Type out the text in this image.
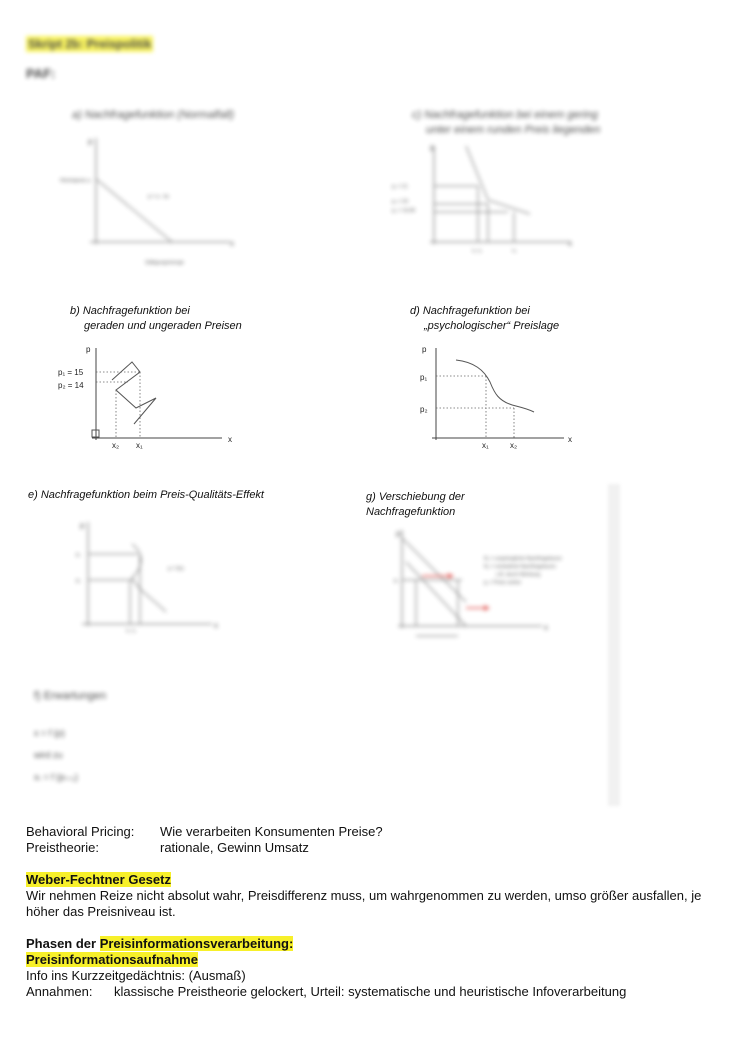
Skript 2b: Preispolitik
PAF:
a) Nachfragefunktion (Normalfall)
p
x
Höchstpreis a
Sättigungsmenge
p = a - bx
c) Nachfragefunktion bei einem gering
unter einem runden Preis liegenden
p
x
p₁ = 21
p₂ = 20
p₃ = 19,99
x₁ x₂	x₃
b) Nachfragefunktion bei
geraden und ungeraden Preisen
p
x
p₁ = 15
p₂ = 14
x₂ x₁
d) Nachfragefunktion bei
„psychologischer“ Preislage
p
x
p₁
p₂
x₁	x₂
e) Nachfragefunktion beim Preis-Qualitäts-Effekt
p
x
p₁
p₂
x₁ x₂
p = f(x)
g) Verschiebung der
Nachfragefunktion
p
x
p₁
N₁ = ursprüngliche Nachfragekurve
N₂ = veränderte Nachfragekurve
z.B. durch Werbung
p₁ = Preis vorher
f) Erwartungen
x = f (p)
wird zu
xₜ = f (pₜ₊₁)
Behavioral Pricing: Wie verarbeiten Konsumenten Preise?
Preistheorie:	rationale, Gewinn Umsatz
Weber-Fechtner Gesetz
Wir nehmen Reize nicht absolut wahr, Preisdifferenz muss, um wahrgenommen zu werden, umso größer ausfallen, je höher das Preisniveau ist.
Phasen der Preisinformationsverarbeitung:
Preisinformationsaufnahme
Info ins Kurzzeitgedächtnis: (Ausmaß)
Annahmen: klassische Preistheorie gelockert, Urteil: systematische und heuristische Infoverarbeitung
